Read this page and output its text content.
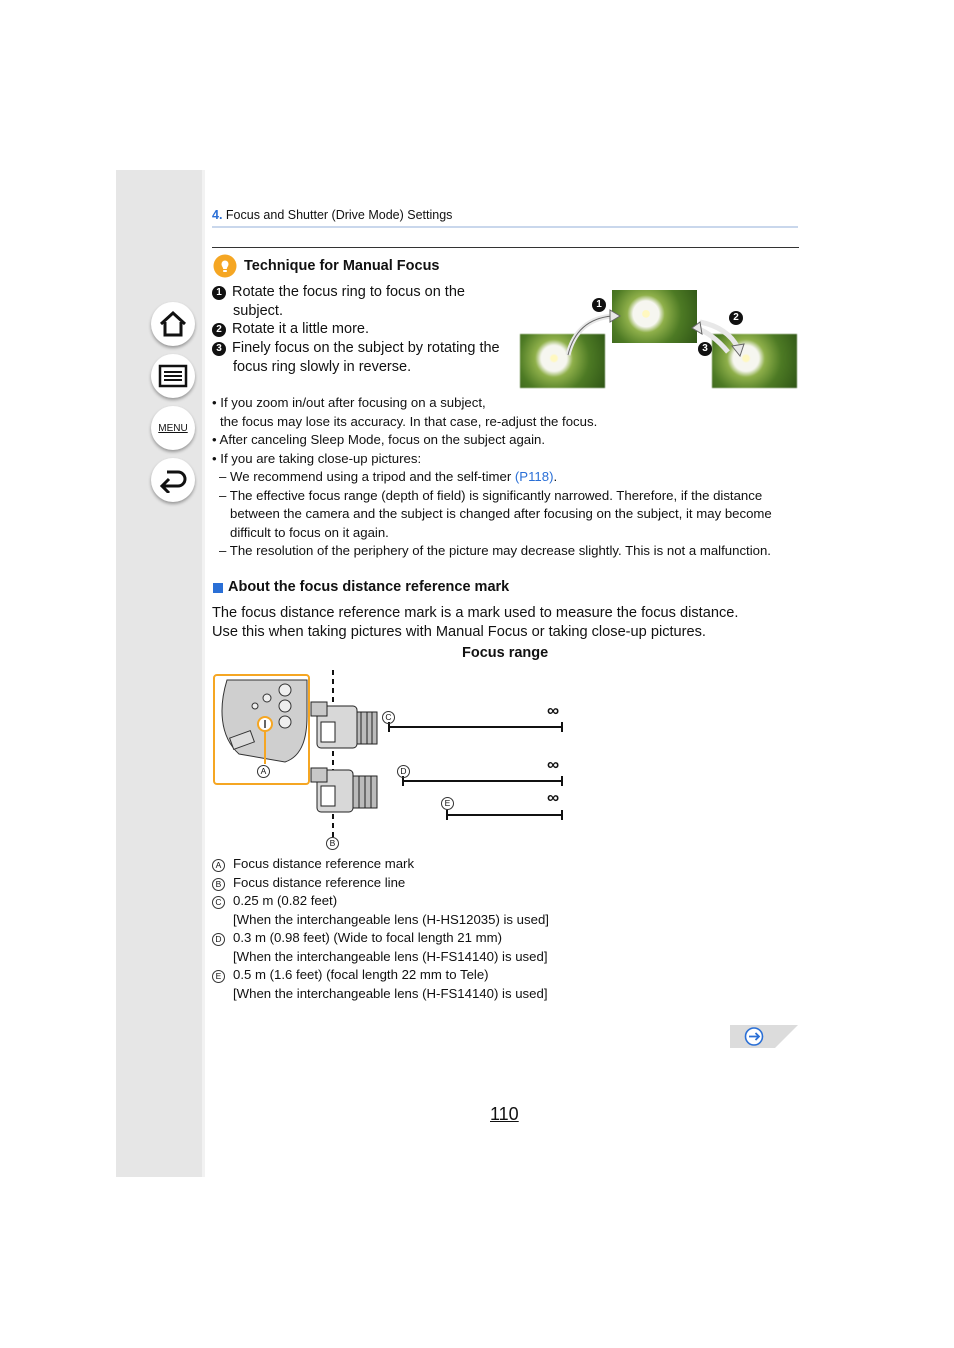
MENU
4. Focus and Shutter (Drive Mode) Settings
Technique for Manual Focus
1 Rotate the focus ring to focus on the
subject.
2 Rotate it a little more.
3 Finely focus on the subject by rotating the
focus ring slowly in reverse.
1
2
3
• If you zoom in/out after focusing on a subject,
the focus may lose its accuracy. In that case, re-adjust the focus.
• After canceling Sleep Mode, focus on the subject again.
• If you are taking close-up pictures:
– We recommend using a tripod and the self-timer (P118).
– The effective focus range (depth of field) is significantly narrowed. Therefore, if the distance
between the camera and the subject is changed after focusing on the subject, it may become
difficult to focus on it again.
– The resolution of the periphery of the picture may decrease slightly. This is not a malfunction.
About the focus distance reference mark
The focus distance reference mark is a mark used to measure the focus distance.
Use this when taking pictures with Manual Focus or taking close-up pictures.
Focus range
A
∞
∞
∞
B
C
D
E
A Focus distance reference mark
B Focus distance reference line
C 0.25 m (0.82 feet)
[When the interchangeable lens (H-HS12035) is used]
D 0.3 m (0.98 feet) (Wide to focal length 21 mm)
[When the interchangeable lens (H-FS14140) is used]
E 0.5 m (1.6 feet) (focal length 22 mm to Tele)
[When the interchangeable lens (H-FS14140) is used]
110
